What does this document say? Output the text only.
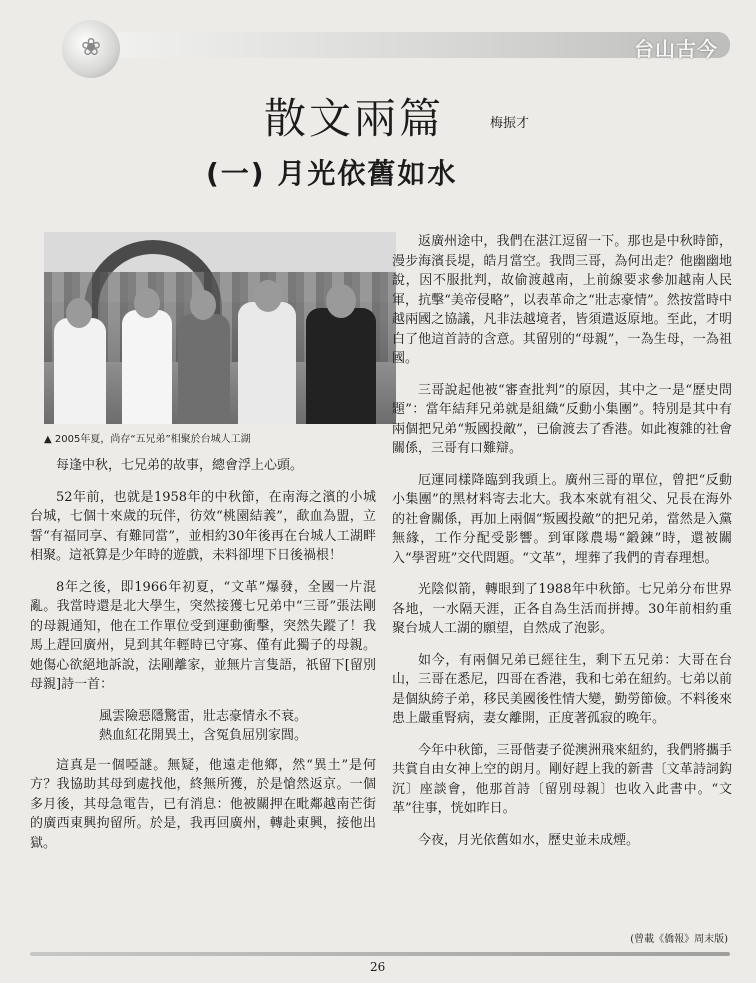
❀	台山古今
散文兩篇	梅振才
(一) 月光依舊如水
▲ 2005年夏，尚存“五兄弟”相聚於台城人工湖

每逢中秋，七兄弟的故事，總會浮上心頭。

52年前，也就是1958年的中秋節，在南海之濱的小城台城，七個十來歲的玩伴，彷效“桃園結義”，歃血為盟，立誓“有福同享、有難同當”，並相約30年後再在台城人工湖畔相聚。這祇算是少年時的遊戲，未料卻埋下日後禍根！

8年之後，即1966年初夏，“文革”爆發，全國一片混亂。我當時還是北大學生，突然接獲七兄弟中“三哥”張法剛的母親通知，他在工作單位受到運動衝擊，突然失蹤了！我馬上趕回廣州，見到其年輕時已守寡、僅有此獨子的母親。她傷心欲絕地訴說，法剛離家，並無片言隻語，祇留下[留別母親]詩一首：

風雲險惡隱驚雷，壯志豪情永不衰。
熱血紅花開異土，含冤負屈別家閭。

這真是一個啞謎。無疑，他遠走他鄉，然“異土”是何方？我協助其母到處找他，終無所獲，於是愴然返京。一個多月後，其母急電告，已有消息：他被關押在毗鄰越南芒街的廣西東興拘留所。於是，我再回廣州，轉赴東興，接他出獄。

返廣州途中，我們在湛江逗留一下。那也是中秋時節，漫步海濱長堤，皓月當空。我問三哥，為何出走？他幽幽地說，因不服批判，故偷渡越南，上前線要求參加越南人民軍，抗擊“美帝侵略”，以表革命之“壯志豪情”。然按當時中越兩國之協議，凡非法越境者，皆須遣返原地。至此，才明白了他這首詩的含意。其留別的“母親”，一為生母，一為祖國。

三哥說起他被“審查批判”的原因，其中之一是“歷史問題”：當年結拜兄弟就是組織“反動小集團”。特別是其中有兩個把兄弟“叛國投敵”，已偷渡去了香港。如此複雜的社會關係，三哥有口難辯。

厄運同樣降臨到我頭上。廣州三哥的單位，曾把“反動小集團”的黑材料寄去北大。我本來就有祖父、兄長在海外的社會關係，再加上兩個“叛國投敵”的把兄弟，當然是入黨無緣，工作分配受影響。到軍隊農場“鍛鍊”時，還被關入“學習班”交代問題。“文革”，埋葬了我們的青春理想。

光陰似箭，轉眼到了1988年中秋節。七兄弟分布世界各地，一水隔天涯，正各自為生活而拼搏。30年前相約重聚台城人工湖的願望，自然成了泡影。

如今，有兩個兄弟已經往生，剩下五兄弟：大哥在台山，三哥在悉尼，四哥在香港，我和七弟在紐約。七弟以前是個紈絝子弟，移民美國後性情大變，勤勞節儉。不料後來患上嚴重腎病，妻女離開，正度著孤寂的晚年。

今年中秋節，三哥偕妻子從澳洲飛來紐約，我們將攜手共賞自由女神上空的朗月。剛好趕上我的新書〔文革詩詞鈎沉〕座談會，他那首詩〔留別母親〕也收入此書中。“文革”往事，恍如昨日。

今夜，月光依舊如水，歷史並未成煙。

(曾載《僑報》周末版)
26
